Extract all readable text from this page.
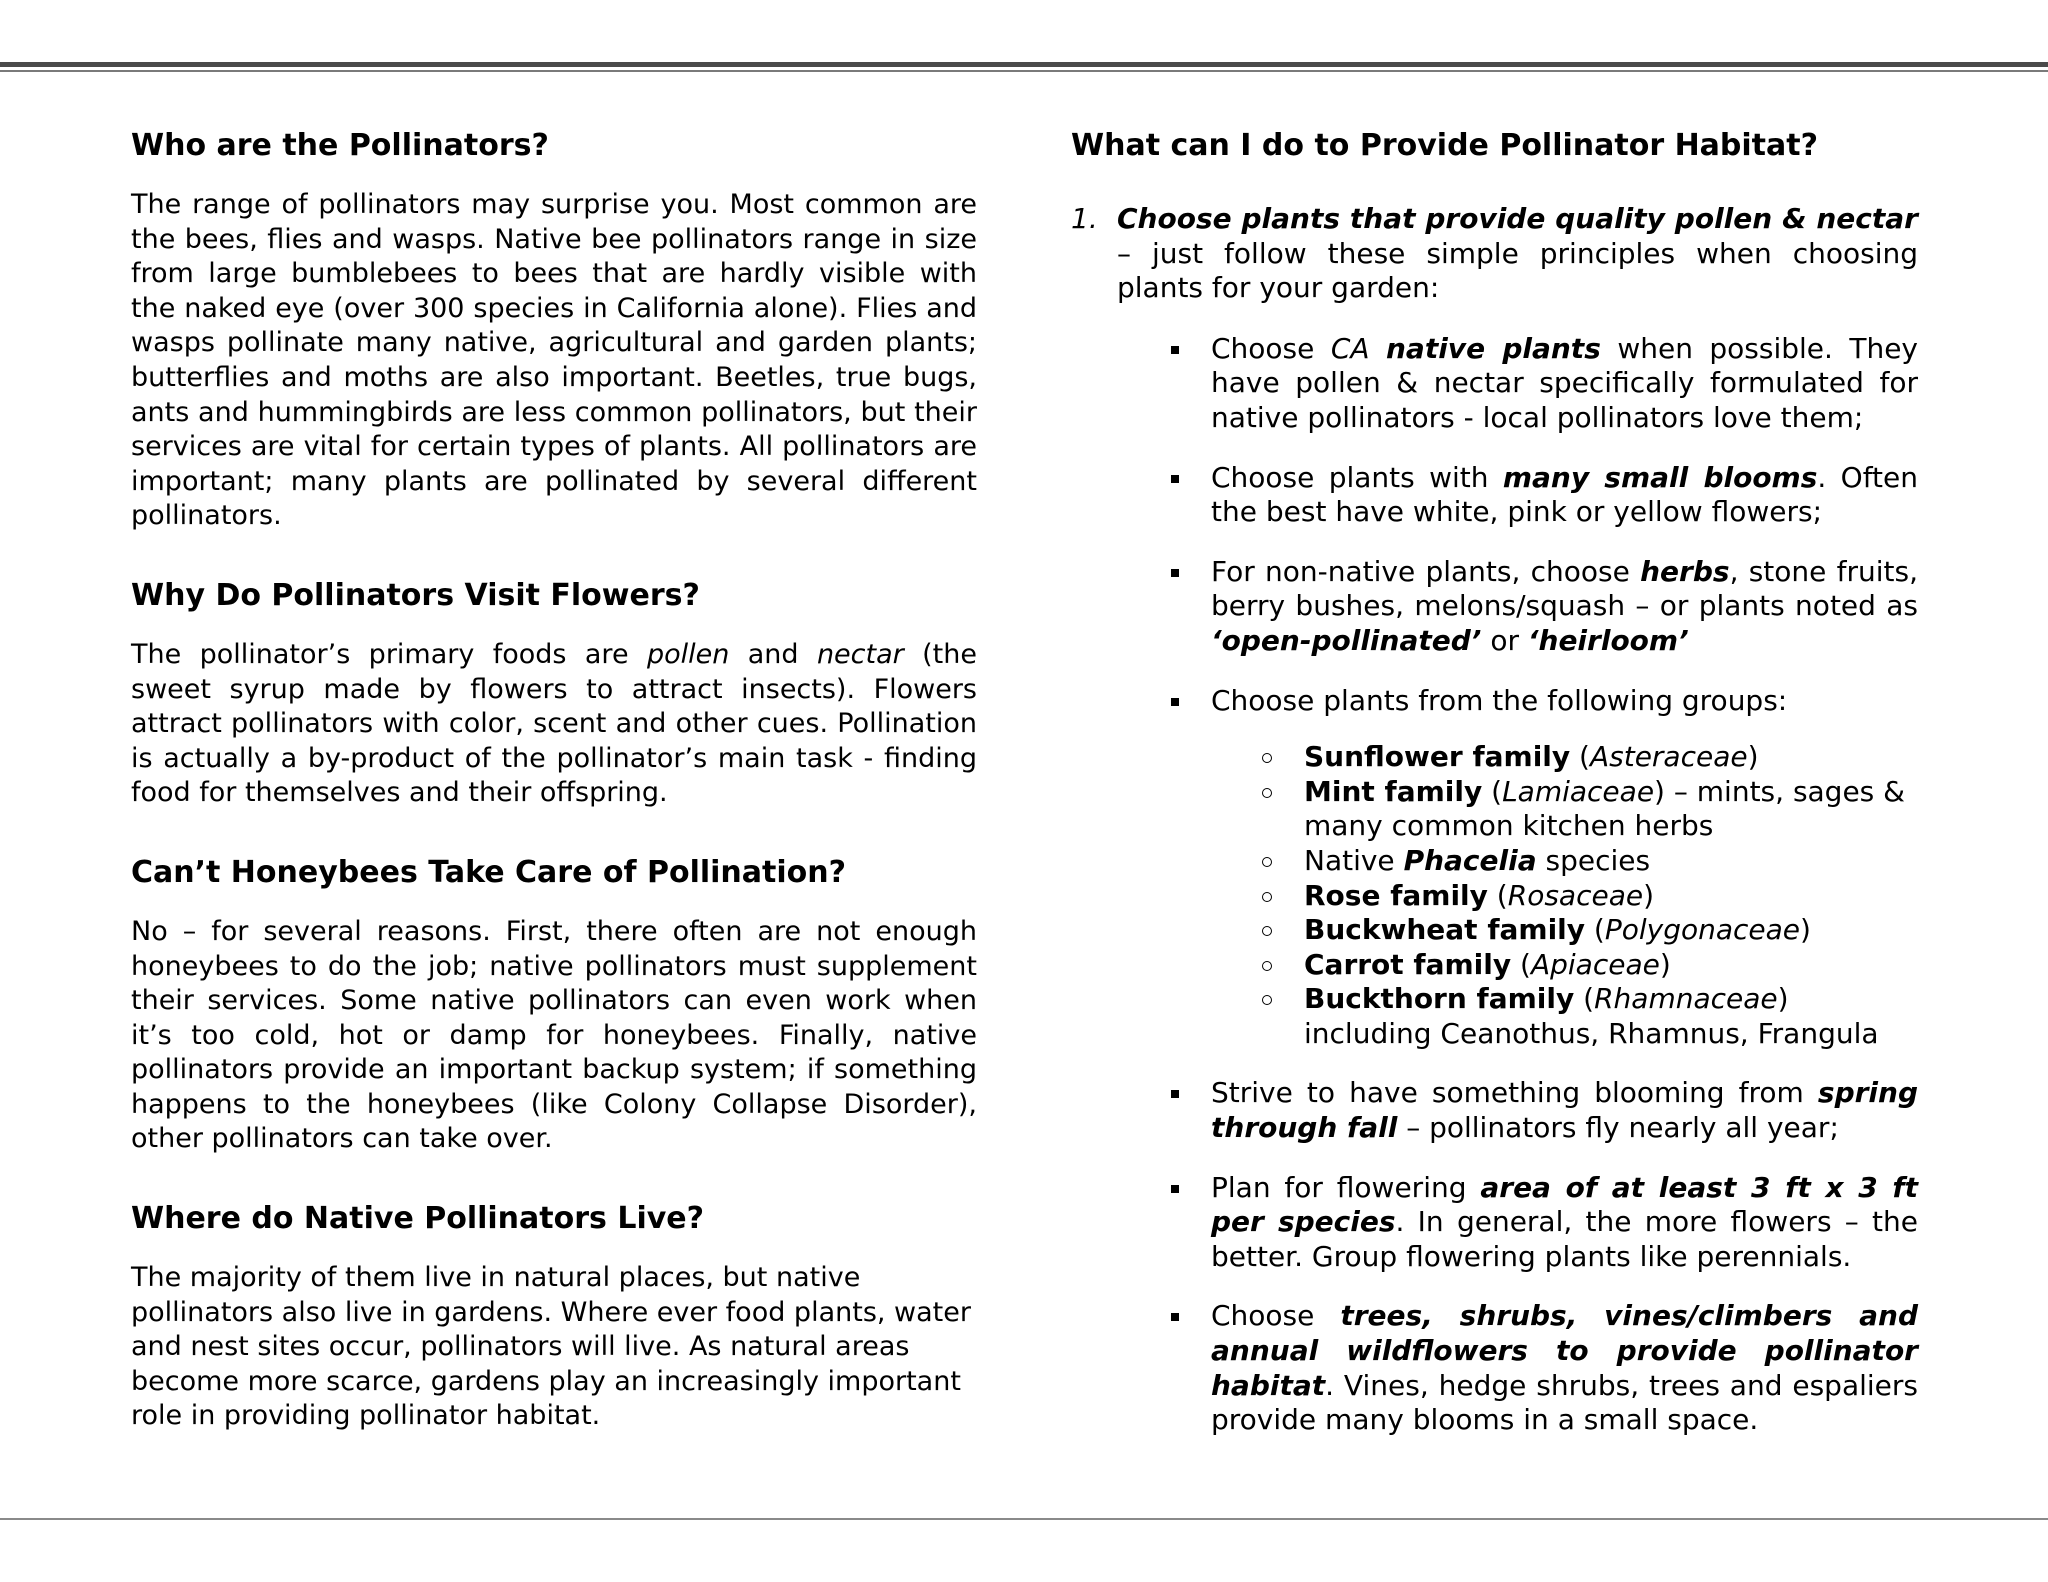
Who are the Pollinators?

The range of pollinators may surprise you. Most common are the bees, flies and wasps. Native bee pollinators range in size from large bumblebees to bees that are hardly visible with the naked eye (over 300 species in California alone). Flies and wasps pollinate many native, agricultural and garden plants; butterflies and moths are also important. Beetles, true bugs, ants and hummingbirds are less common pollinators, but their services are vital for certain types of plants. All pollinators are important; many plants are pollinated by several different pollinators.

Why Do Pollinators Visit Flowers?

The pollinator’s primary foods are pollen and nectar (the sweet syrup made by flowers to attract insects). Flowers attract pollinators with color, scent and other cues. Pollination is actually a by-product of the pollinator’s main task - finding food for themselves and their offspring.

Can’t Honeybees Take Care of Pollination?

No – for several reasons. First, there often are not enough honeybees to do the job; native pollinators must supplement their services. Some native pollinators can even work when it’s too cold, hot or damp for honeybees. Finally, native pollinators provide an important backup system; if something happens to the honeybees (like Colony Collapse Disorder), other pollinators can take over.

Where do Native Pollinators Live?

The majority of them live in natural places, but native pollinators also live in gardens. Where ever food plants, water and nest sites occur, pollinators will live. As natural areas become more scarce, gardens play an increasingly important role in providing pollinator habitat.

What can I do to Provide Pollinator Habitat?
1. Choose plants that provide quality pollen & nectar – just follow these simple principles when choosing plants for your garden:
Choose CA native plants when possible. They have pollen & nectar specifically formulated for native pollinators - local pollinators love them;
Choose plants with many small blooms. Often the best have white, pink or yellow flowers;
For non-native plants, choose herbs, stone fruits, berry bushes, melons/squash – or plants noted as ‘open-pollinated’ or ‘heirloom’
Choose plants from the following groups:
Sunflower family (Asteraceae)
Mint family (Lamiaceae) – mints, sages & many common kitchen herbs
Native Phacelia species
Rose family (Rosaceae)
Buckwheat family (Polygonaceae)
Carrot family (Apiaceae)
Buckthorn family (Rhamnaceae) including Ceanothus, Rhamnus, Frangula
Strive to have something blooming from spring through fall – pollinators fly nearly all year;
Plan for flowering area of at least 3 ft x 3 ft per species. In general, the more flowers – the better. Group flowering plants like perennials.
Choose trees, shrubs, vines/climbers and annual wildflowers to provide pollinator habitat. Vines, hedge shrubs, trees and espaliers provide many blooms in a small space.
